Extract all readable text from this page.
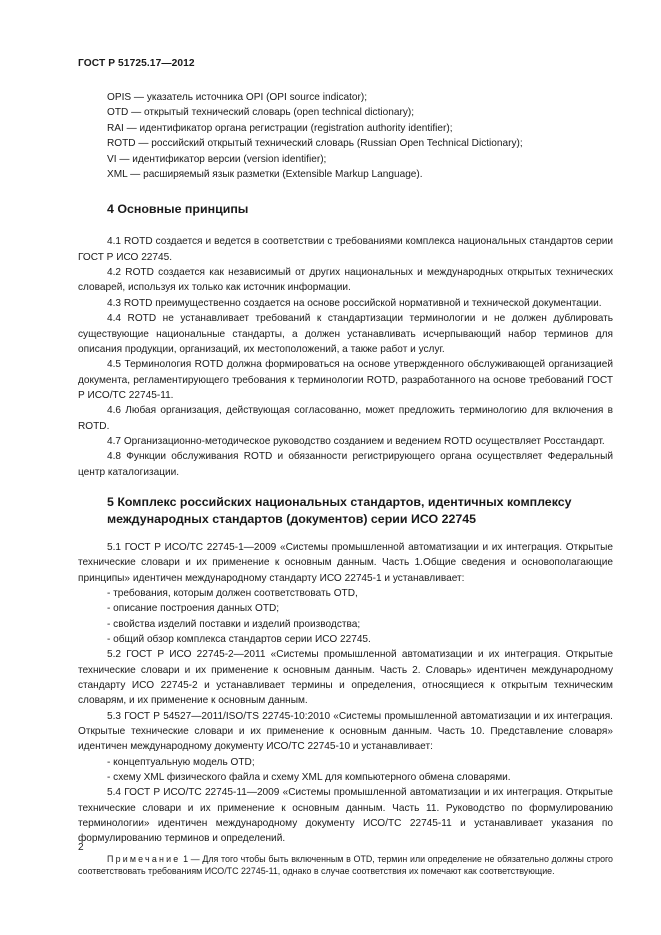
ГОСТ Р 51725.17—2012
OPIS — указатель источника OPI (OPI source indicator);
OTD — открытый технический словарь (open technical dictionary);
RAI — идентификатор органа регистрации (registration authority identifier);
ROTD — российский открытый технический словарь (Russian Open Technical Dictionary);
VI — идентификатор версии (version identifier);
XML — расширяемый язык разметки (Extensible Markup Language).
4 Основные принципы

4.1 ROTD создается и ведется в соответствии с требованиями комплекса национальных стандартов серии ГОСТ Р ИСО 22745.

4.2 ROTD создается как независимый от других национальных и международных открытых технических словарей, используя их только как источник информации.

4.3 ROTD преимущественно создается на основе российской нормативной и технической документации.

4.4 ROTD не устанавливает требований к стандартизации терминологии и не должен дублировать существующие национальные стандарты, а должен устанавливать исчерпывающий набор терминов для описания продукции, организаций, их местоположений, а также работ и услуг.

4.5 Терминология ROTD должна формироваться на основе утвержденного обслуживающей организацией документа, регламентирующего требования к терминологии ROTD, разработанного на основе требований ГОСТ Р ИСО/ТС 22745-11.

4.6 Любая организация, действующая согласованно, может предложить терминологию для включения в ROTD.

4.7 Организационно-методическое руководство созданием и ведением ROTD осуществляет Росстандарт.

4.8 Функции обслуживания ROTD и обязанности регистрирующего органа осуществляет Федеральный центр каталогизации.

5 Комплекс российских национальных стандартов, идентичных комплексу
международных стандартов (документов) серии ИСО 22745

5.1 ГОСТ Р ИСО/ТС 22745-1—2009 «Системы промышленной автоматизации и их интеграция. Открытые технические словари и их применение к основным данным. Часть 1.Общие сведения и основополагающие принципы» идентичен международному стандарту ИСО 22745-1 и устанавливает:

- требования, которым должен соответствовать OTD,
- описание построения данных OTD;
- свойства изделий поставки и изделий производства;
- общий обзор комплекса стандартов серии ИСО 22745.

5.2 ГОСТ Р ИСО 22745-2—2011 «Системы промышленной автоматизации и их интеграция. Открытые технические словари и их применение к основным данным. Часть 2. Словарь» идентичен международному стандарту ИСО 22745-2 и устанавливает термины и определения, относящиеся к открытым техническим словарям, и их применение к основным данным.

5.3 ГОСТ Р 54527—2011/ISO/TS 22745-10:2010 «Системы промышленной автоматизации и их интеграция. Открытые технические словари и их применение к основным данным. Часть 10. Представление словаря» идентичен международному документу ИСО/ТС 22745-10 и устанавливает:

- концептуальную модель OTD;
- схему XML физического файла и схему XML для компьютерного обмена словарями.

5.4 ГОСТ Р ИСО/ТС 22745-11—2009 «Системы промышленной автоматизации и их интеграция. Открытые технические словари и их применение к основным данным. Часть 11. Руководство по формулированию терминологии» идентичен международному документу ИСО/ТС 22745-11 и устанавливает указания по формулированию терминов и определений.

Примечание 1 — Для того чтобы быть включенным в OTD, термин или определение не обязательно должны строго соответствовать требованиям ИСО/ТС 22745-11, однако в случае соответствия их помечают как соответствующие.
2
